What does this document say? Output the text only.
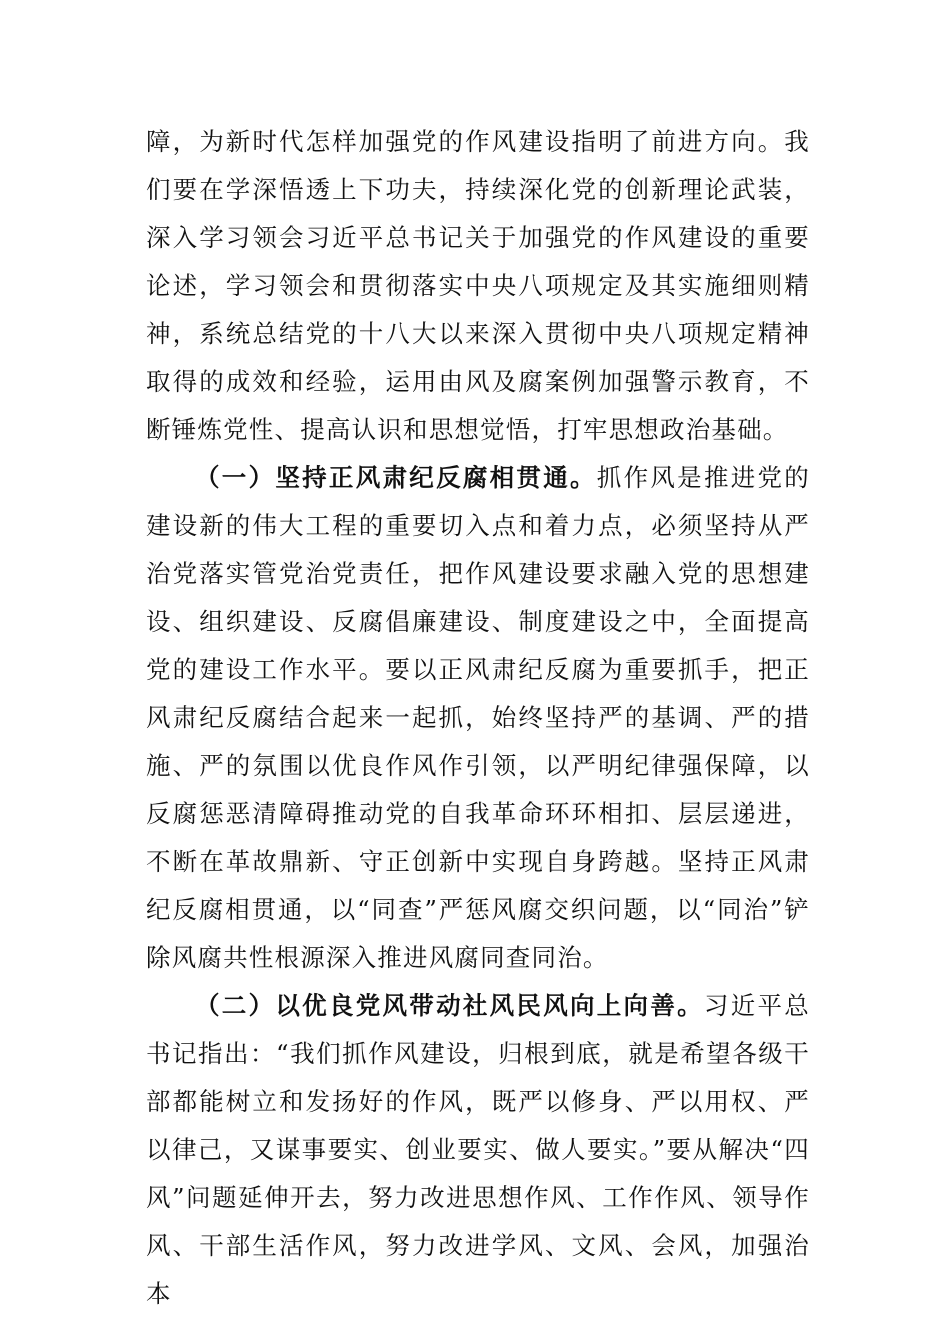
障，为新时代怎样加强党的作风建设指明了前进方向。我们要在学深悟透上下功夫，持续深化党的创新理论武装，深入学习领会习近平总书记关于加强党的作风建设的重要论述，学习领会和贯彻落实中央八项规定及其实施细则精神，系统总结党的十八大以来深入贯彻中央八项规定精神取得的成效和经验，运用由风及腐案例加强警示教育，不断锤炼党性、提高认识和思想觉悟，打牢思想政治基础。

（一）坚持正风肃纪反腐相贯通。抓作风是推进党的建设新的伟大工程的重要切入点和着力点，必须坚持从严治党落实管党治党责任，把作风建设要求融入党的思想建设、组织建设、反腐倡廉建设、制度建设之中，全面提高党的建设工作水平。要以正风肃纪反腐为重要抓手，把正风肃纪反腐结合起来一起抓，始终坚持严的基调、严的措施、严的氛围以优良作风作引领，以严明纪律强保障，以反腐惩恶清障碍推动党的自我革命环环相扣、层层递进，不断在革故鼎新、守正创新中实现自身跨越。坚持正风肃纪反腐相贯通，以“同查”严惩风腐交织问题，以“同治”铲除风腐共性根源深入推进风腐同查同治。

（二）以优良党风带动社风民风向上向善。习近平总书记指出：“我们抓作风建设，归根到底，就是希望各级干部都能树立和发扬好的作风，既严以修身、严以用权、严以律己，又谋事要实、创业要实、做人要实。”要从解决“四风”问题延伸开去，努力改进思想作风、工作作风、领导作风、干部生活作风，努力改进学风、文风、会风，加强治本
